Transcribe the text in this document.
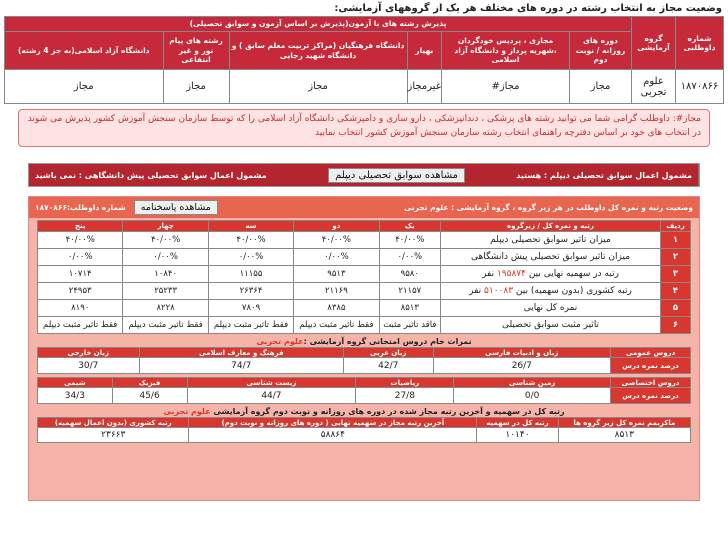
وضعیت مجاز به انتخاب رشته در دوره های مختلف هر یک از گروههای آزمایشی:
شماره داوطلبی	گروه آزمایشی	پذیرش رشته های با آزمون(پذیرش بر اساس آزمون و سوابق تحصیلی)					
		دوره های روزانه / نوبت دوم	مجازی ، پردیس خودگردان ،شهریه پرداز و دانشگاه آزاد اسلامی	بهیار	دانشگاه فرهنگیان (مراکز تربیت معلم سابق ) و دانشگاه شهید رجایی	رشته های پیام نور و غیر انتفاعی	دانشگاه آزاد اسلامی(به جز 4 رشته)
۱۸۷۰۸۶۶	علوم تجربی	مجاز	مجاز#	غیرمجاز	مجاز	مجاز	مجاز
مجاز#: داوطلب گرامی شما می توانید رشته های پزشکی ، دندانپزشکی ، دارو سازی و دامپزشکی دانشگاه آزاد اسلامی را که توسط سازمان سنجش آموزش کشور پذیرش می شوند در انتخاب های خود بر اساس دفترچه راهنمای انتخاب رشته سازمان سنجش آموزش کشور انتخاب نمایید
مشمول اعمال سوابق تحصیلی دیپلم : هستید
مشاهده سوابق تحصیلی دیپلم
مشمول اعمال سوابق تحصیلی پیش دانشگاهی : نمی باشید
وضعیت رتبه و نمره کل داوطلب در هر زیر گروه ، گروه آزمایشی : علوم تجربی
مشاهده پاسخنامه
شماره داوطلب:۱۸۷۰۸۶۶
ردیف	رتبه و نمره کل / زیرگروه	یک	دو	سه	چهار	پنج
۱	میزان تاثیر سوابق تحصیلی دیپلم	۴۰/۰۰%	۴۰/۰۰%	۴۰/۰۰%	۴۰/۰۰%	۴۰/۰۰%
۲	میزان تاثیر سوابق تحصیلی پیش دانشگاهی	۰/۰۰%	۰/۰۰%	۰/۰۰%	۰/۰۰%	۰/۰۰%
۳	رتبه در سهمیه نهایی بین ۱۹۵۸۷۴ نفر	۹۵۸۰	۹۵۱۳	۱۱۱۵۵	۱۰۸۴۰	۱۰۷۱۴
۴	رتبه کشوری (بدون سهمیه) بین ۵۱۰۰۸۳ نفر	۲۱۱۵۷	۲۱۱۶۹	۲۶۳۶۴	۲۵۲۳۳	۲۴۹۵۳
۵	نمره کل نهایی	۸۵۱۳	۸۳۸۵	۷۸۰۹	۸۲۲۸	۸۱۹۰
۶	تاثیر مثبت سوابق تحصیلی	فاقد تاثیر مثبت	فقط تاثیر مثبت دیپلم	فقط تاثیر مثبت دیپلم	فقط تاثیر مثبت دیپلم	فقط تاثیر مثبت دیپلم
نمرات خام دروس امتحانی گروه آزمایشی :علوم تجربی
دروس عمومی	زبان و ادبیات فارسی	زبان عربی	فرهنگ و معارف اسلامی	زبان خارجی
درصد نمره درس	26/7	42/7	74/7	30/7
دروس اختصاصی	زمین شناسی	ریاضیات	زیست شناسی	فیزیک	شیمی
درصد نمره درس	0/0	27/8	44/7	45/6	34/3
رتبه کل در سهمیه و آخرین رتبه مجاز شده در دوره های روزانه و نوبت دوم گروه آزمایشی علوم تجربی
ماکزیمم نمره کل زیر گروه ها	رتبه کل در سهمیه	آخرین رتبه مجاز در سهمیه نهایی ( دوره های روزانه و نوبت دوم)	رتبه کشوری (بدون اعمال سهمیه)
۸۵۱۳	۱۰۱۴۰	۵۸۸۶۴	۲۳۶۶۳
